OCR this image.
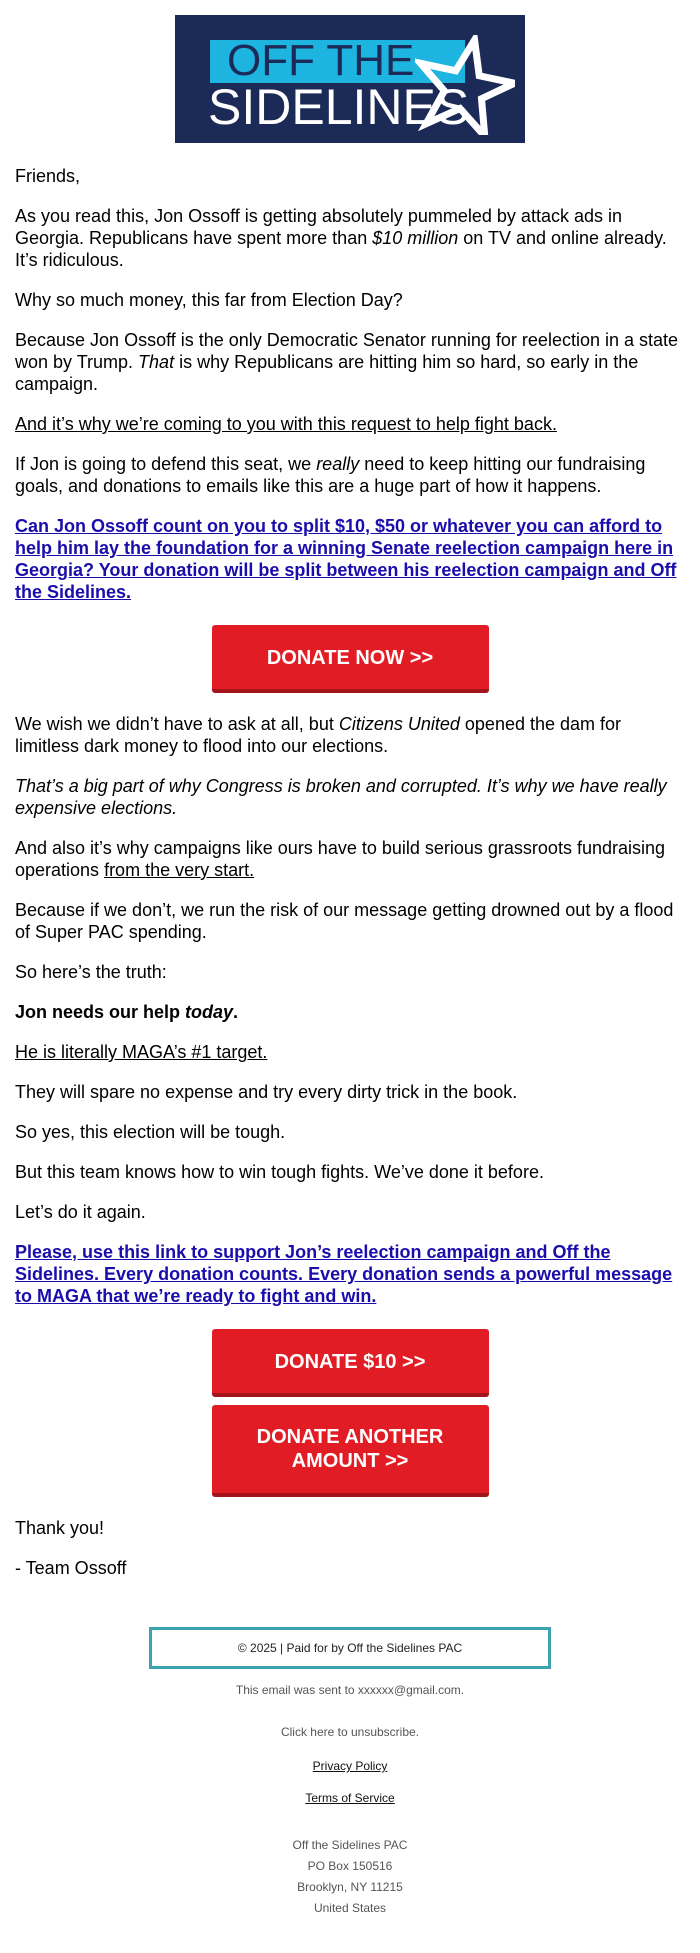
OFF THE
SIDELINES

Friends,

As you read this, Jon Ossoff is getting absolutely pummeled by attack ads in Georgia. Republicans have spent more than $10 million on TV and online already. It’s ridiculous.

Why so much money, this far from Election Day?

Because Jon Ossoff is the only Democratic Senator running for reelection in a state won by Trump. That is why Republicans are hitting him so hard, so early in the campaign.

And it’s why we’re coming to you with this request to help fight back.

If Jon is going to defend this seat, we really need to keep hitting our fundraising goals, and donations to emails like this are a huge part of how it happens.

Can Jon Ossoff count on you to split $10, $50 or whatever you can afford to help him lay the foundation for a winning Senate reelection campaign here in Georgia? Your donation will be split between his reelection campaign and Off the Sidelines.
DONATE NOW >>

We wish we didn’t have to ask at all, but Citizens United opened the dam for limitless dark money to flood into our elections.

That’s a big part of why Congress is broken and corrupted. It’s why we have really expensive elections.

And also it’s why campaigns like ours have to build serious grassroots fundraising operations from the very start.

Because if we don’t, we run the risk of our message getting drowned out by a flood of Super PAC spending.

So here’s the truth:

Jon needs our help today.

He is literally MAGA’s #1 target.

They will spare no expense and try every dirty trick in the book.

So yes, this election will be tough.

But this team knows how to win tough fights. We’ve done it before.

Let’s do it again.

Please, use this link to support Jon’s reelection campaign and Off the Sidelines. Every donation counts. Every donation sends a powerful message to MAGA that we’re ready to fight and win.
DONATE $10 >>
DONATE ANOTHER
AMOUNT >>

Thank you!

- Team Ossoff

© 2025 | Paid for by Off the Sidelines PAC

This email was sent to xxxxxx@gmail.com.

Click here to unsubscribe.
Privacy Policy
Terms of Service
Off the Sidelines PAC
PO Box 150516
Brooklyn, NY 11215
United States
